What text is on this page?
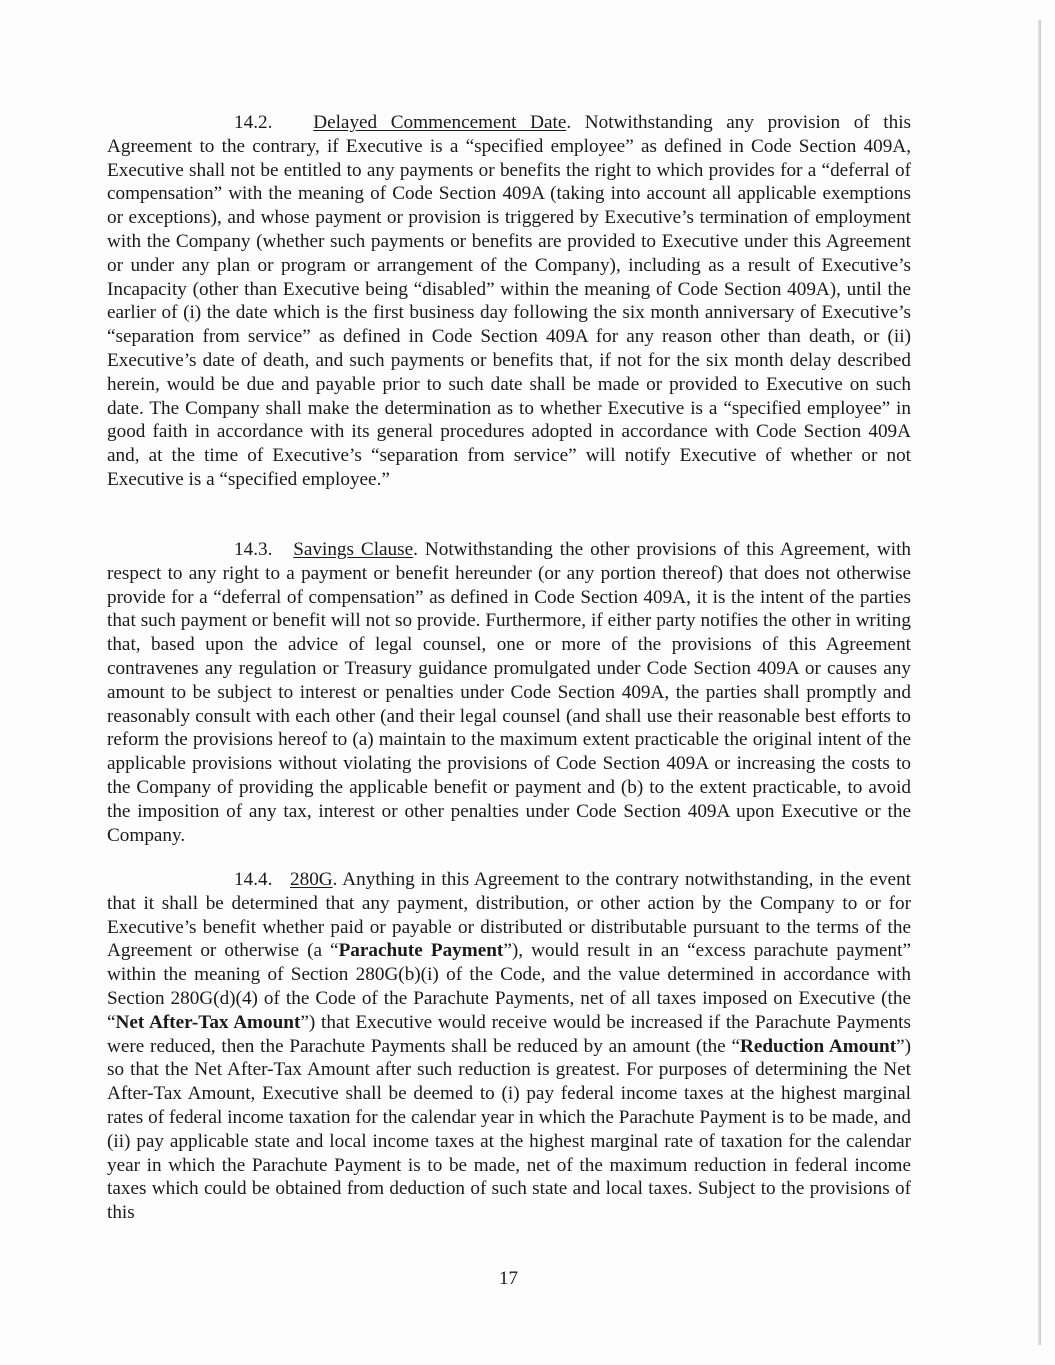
14.2. Delayed Commencement Date. Notwithstanding any provision of this Agreement to the contrary, if Executive is a “specified employee” as defined in Code Section 409A, Executive shall not be entitled to any payments or benefits the right to which provides for a “deferral of compensation” with the meaning of Code Section 409A (taking into account all applicable exemptions or exceptions), and whose payment or provision is triggered by Executive’s termination of employment with the Company (whether such payments or benefits are provided to Executive under this Agreement or under any plan or program or arrangement of the Company), including as a result of Executive’s Incapacity (other than Executive being “disabled” within the meaning of Code Section 409A), until the earlier of (i) the date which is the first business day following the six month anniversary of Executive’s “separation from service” as defined in Code Section 409A for any reason other than death, or (ii) Executive’s date of death, and such payments or benefits that, if not for the six month delay described herein, would be due and payable prior to such date shall be made or provided to Executive on such date. The Company shall make the determination as to whether Executive is a “specified employee” in good faith in accordance with its general procedures adopted in accordance with Code Section 409A and, at the time of Executive’s “separation from service” will notify Executive of whether or not Executive is a “specified employee.”

14.3. Savings Clause. Notwithstanding the other provisions of this Agreement, with respect to any right to a payment or benefit hereunder (or any portion thereof) that does not otherwise provide for a “deferral of compensation” as defined in Code Section 409A, it is the intent of the parties that such payment or benefit will not so provide. Furthermore, if either party notifies the other in writing that, based upon the advice of legal counsel, one or more of the provisions of this Agreement contravenes any regulation or Treasury guidance promulgated under Code Section 409A or causes any amount to be subject to interest or penalties under Code Section 409A, the parties shall promptly and reasonably consult with each other (and their legal counsel (and shall use their reasonable best efforts to reform the provisions hereof to (a) maintain to the maximum extent practicable the original intent of the applicable provisions without violating the provisions of Code Section 409A or increasing the costs to the Company of providing the applicable benefit or payment and (b) to the extent practicable, to avoid the imposition of any tax, interest or other penalties under Code Section 409A upon Executive or the Company.

14.4. 280G. Anything in this Agreement to the contrary notwithstanding, in the event that it shall be determined that any payment, distribution, or other action by the Company to or for Executive’s benefit whether paid or payable or distributed or distributable pursuant to the terms of the Agreement or otherwise (a “Parachute Payment”), would result in an “excess parachute payment” within the meaning of Section 280G(b)(i) of the Code, and the value determined in accordance with Section 280G(d)(4) of the Code of the Parachute Payments, net of all taxes imposed on Executive (the “Net After-Tax Amount”) that Executive would receive would be increased if the Parachute Payments were reduced, then the Parachute Payments shall be reduced by an amount (the “Reduction Amount”) so that the Net After-Tax Amount after such reduction is greatest. For purposes of determining the Net After-Tax Amount, Executive shall be deemed to (i) pay federal income taxes at the highest marginal rates of federal income taxation for the calendar year in which the Parachute Payment is to be made, and (ii) pay applicable state and local income taxes at the highest marginal rate of taxation for the calendar year in which the Parachute Payment is to be made, net of the maximum reduction in federal income taxes which could be obtained from deduction of such state and local taxes. Subject to the provisions of this

17
